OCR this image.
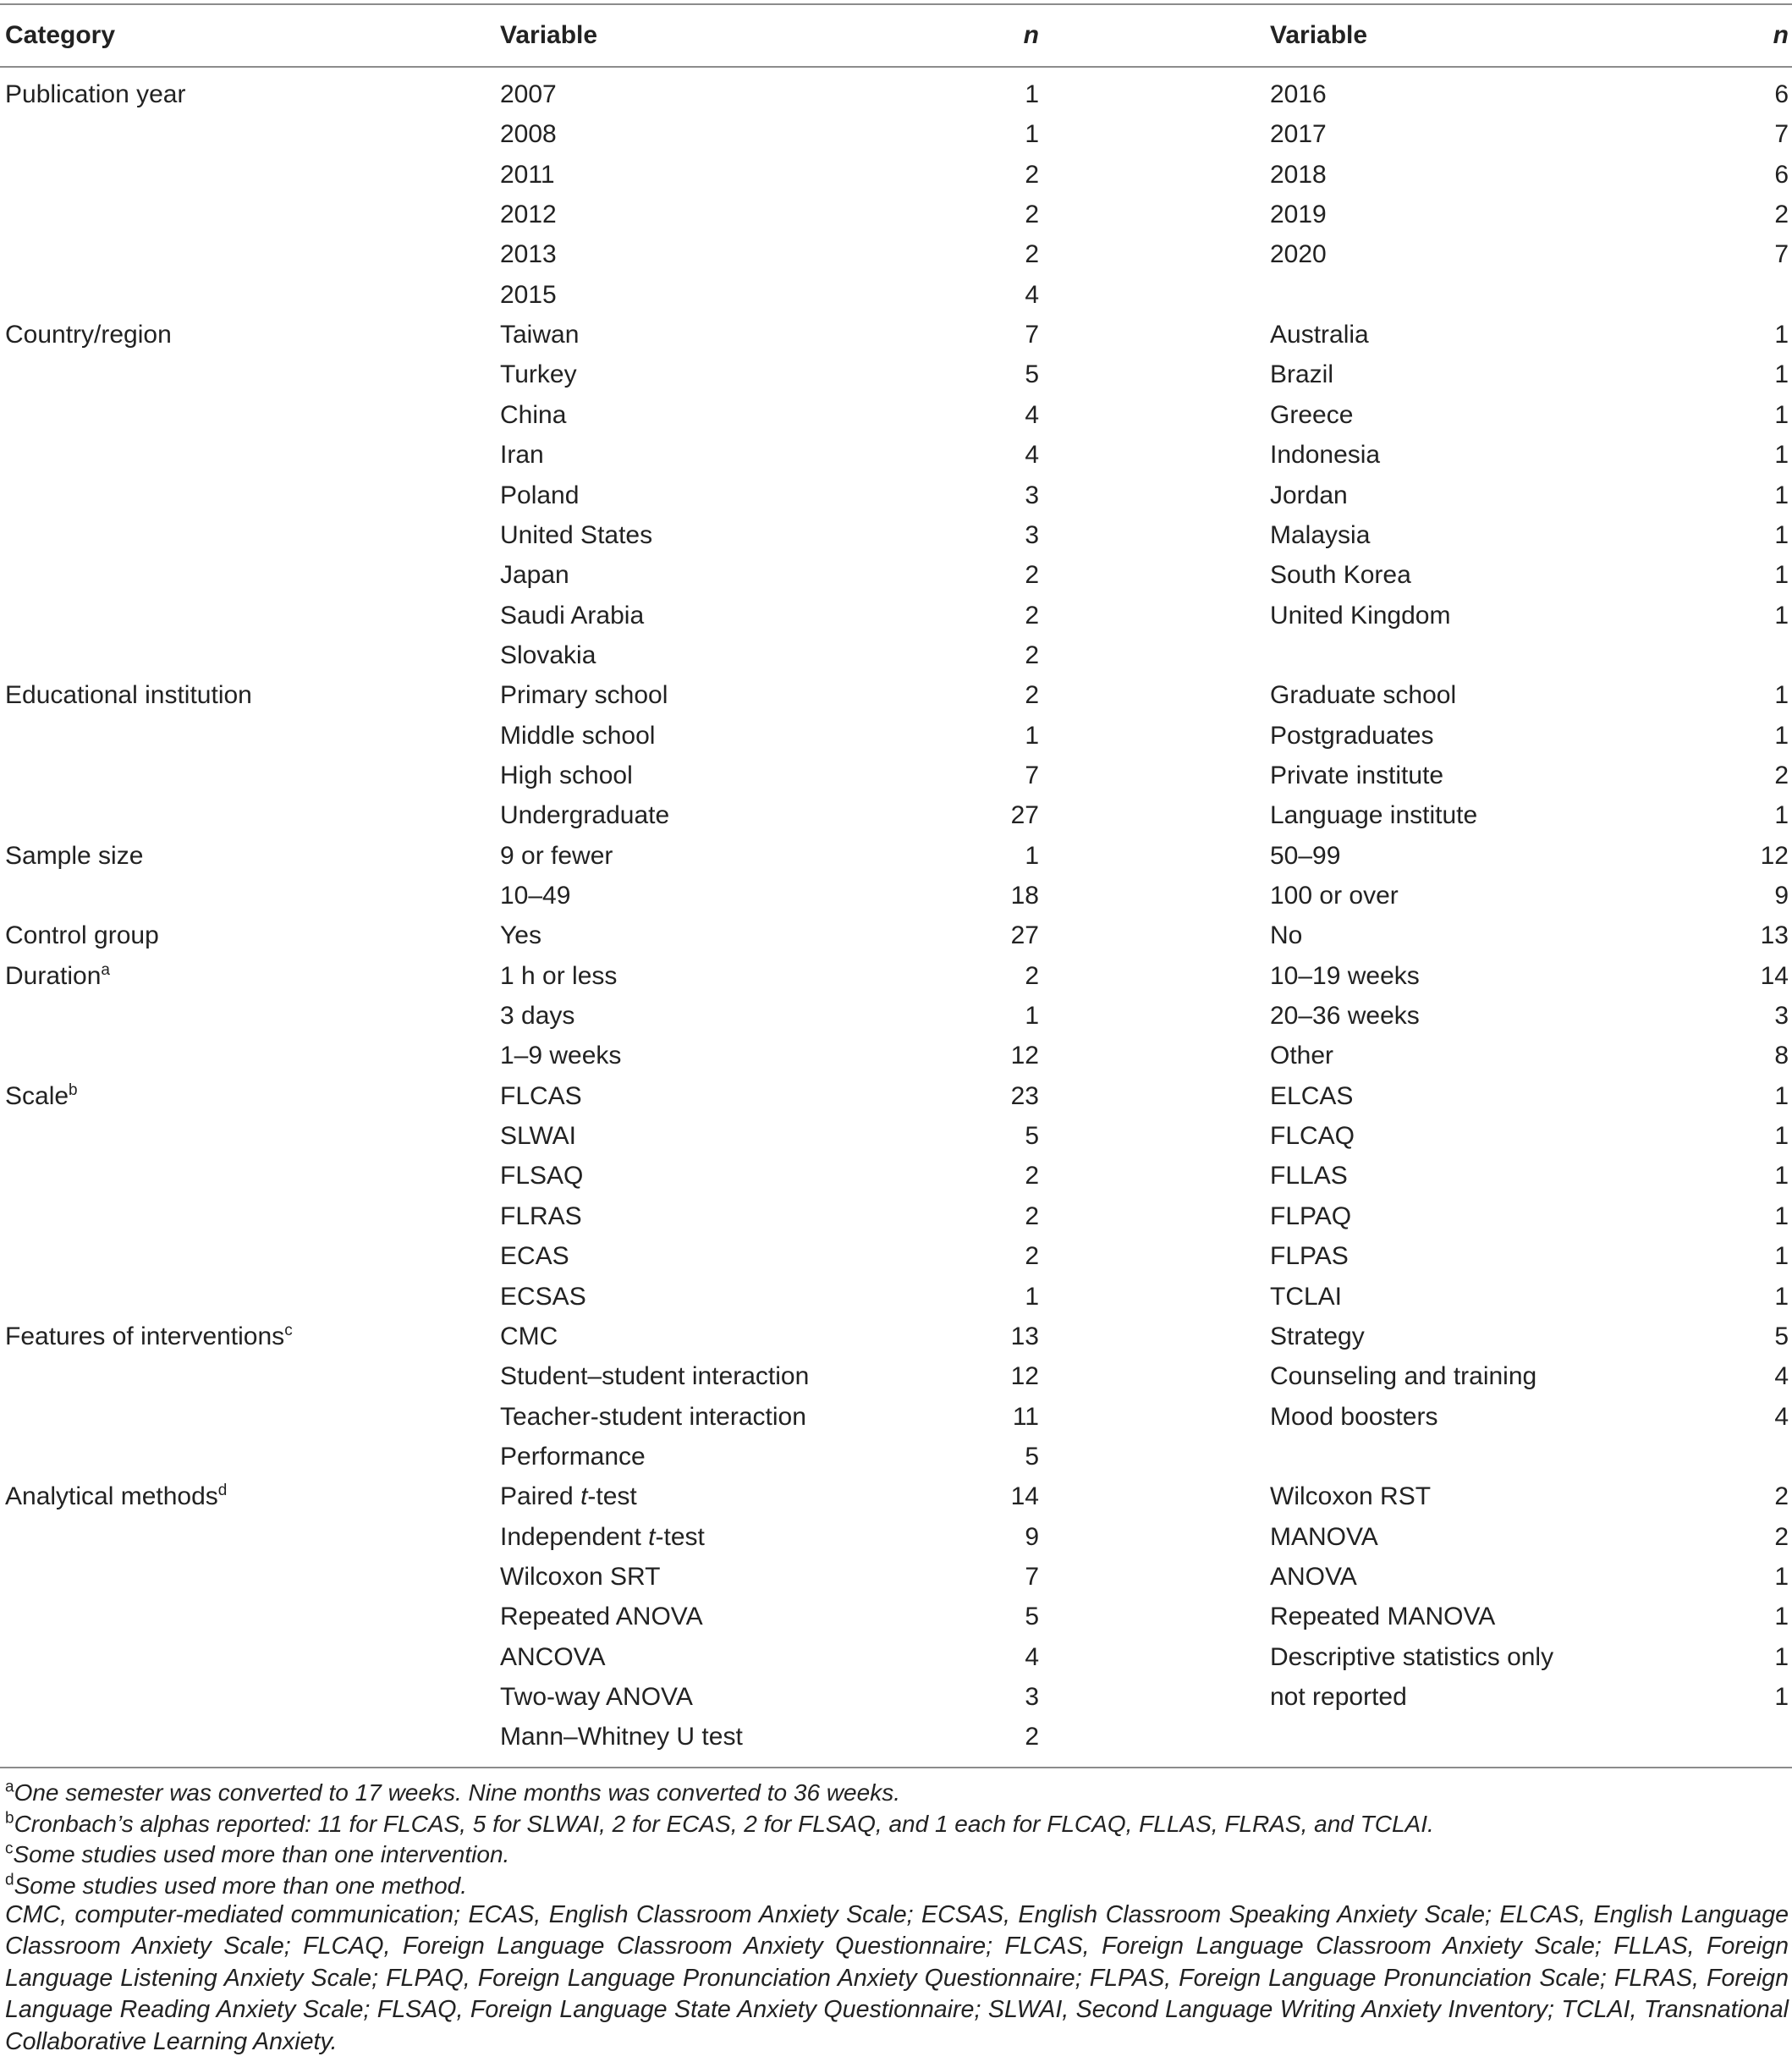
Category	Variable	n	Variable	n
Publication year	2007	1	2016	6
2008	1	2017	7
2011	2	2018	6
2012	2	2019	2
2013	2	2020	7
2015	4
Country/region	Taiwan	7	Australia	1
Turkey	5	Brazil	1
China	4	Greece	1
Iran	4	Indonesia	1
Poland	3	Jordan	1
United States	3	Malaysia	1
Japan	2	South Korea	1
Saudi Arabia	2	United Kingdom	1
Slovakia	2
Educational institution	Primary school	2	Graduate school	1
Middle school	1	Postgraduates	1
High school	7	Private institute	2
Undergraduate	27	Language institute	1
Sample size	9 or fewer	1	50–99	12
10–49	18	100 or over	9
Control group	Yes	27	No	13
Duration$^a$	1 h or less	2	10–19 weeks	14
3 days	1	20–36 weeks	3
1–9 weeks	12	Other	8
Scale$^b$	FLCAS	23	ELCAS	1
SLWAI	5	FLCAQ	1
FLSAQ	2	FLLAS	1
FLRAS	2	FLPAQ	1
ECAS	2	FLPAS	1
ECSAS	1	TCLAI	1
Features of interventions$^c$	CMC	13	Strategy	5
Student–student interaction	12	Counseling and training	4
Teacher-student interaction	11	Mood boosters	4
Performance	5
Analytical methods$^d$	Paired t-test	14	Wilcoxon RST	2
Independent t-test	9	MANOVA	2
Wilcoxon SRT	7	ANOVA	1
Repeated ANOVA	5	Repeated MANOVA	1
ANCOVA	4	Descriptive statistics only	1
Two-way ANOVA	3	not reported	1
Mann–Whitney U test	2
$^a$One semester was converted to 17 weeks. Nine months was converted to 36 weeks.
$^b$Cronbach’s alphas reported: 11 for FLCAS, 5 for SLWAI, 2 for ECAS, 2 for FLSAQ, and 1 each for FLCAQ, FLLAS, FLRAS, and TCLAI.
$^c$Some studies used more than one intervention.
$^d$Some studies used more than one method.
CMC, computer-mediated communication; ECAS, English Classroom Anxiety Scale; ECSAS, English Classroom Speaking Anxiety Scale; ELCAS, English Language Classroom Anxiety Scale; FLCAQ, Foreign Language Classroom Anxiety Questionnaire; FLCAS, Foreign Language Classroom Anxiety Scale; FLLAS, Foreign Language Listening Anxiety Scale; FLPAQ, Foreign Language Pronunciation Anxiety Questionnaire; FLPAS, Foreign Language Pronunciation Scale; FLRAS, Foreign Language Reading Anxiety Scale; FLSAQ, Foreign Language State Anxiety Questionnaire; SLWAI, Second Language Writing Anxiety Inventory; TCLAI, Transnational Collaborative Learning Anxiety.
